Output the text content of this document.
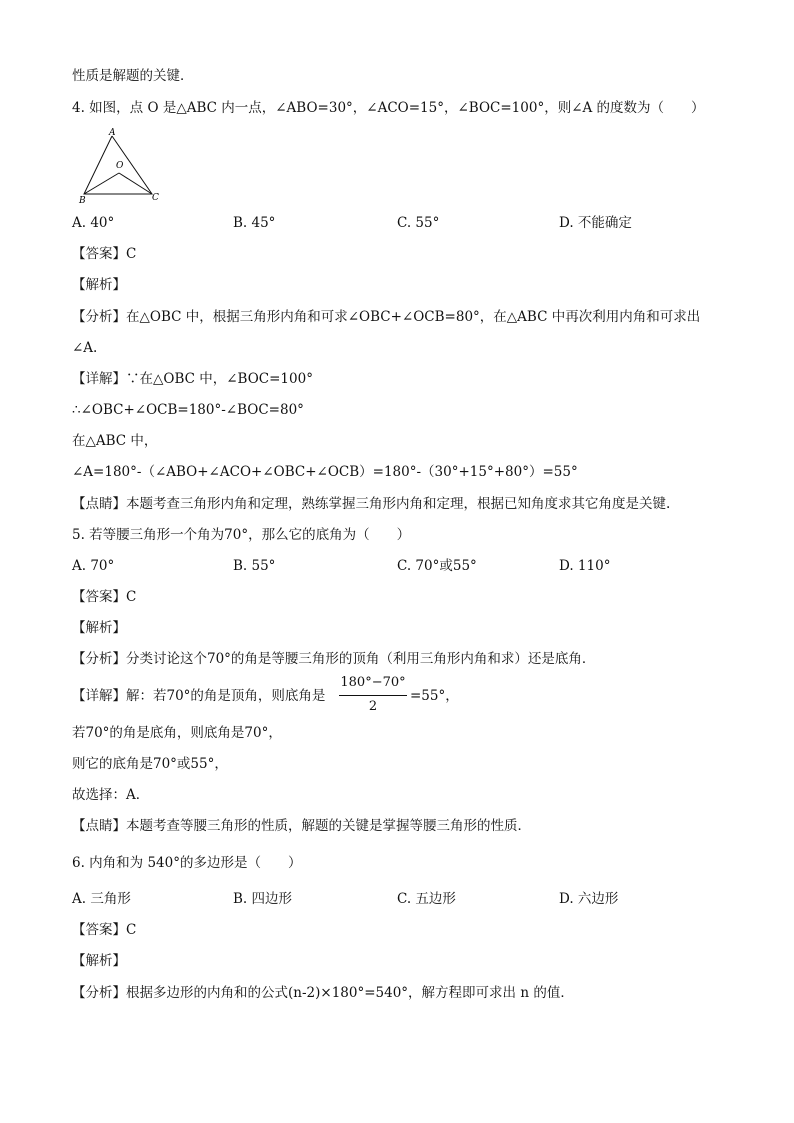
性质是解题的关键．
4. 如图，点 O 是△ABC 内一点，∠ABO=30°，∠ACO=15°，∠BOC=100°，则∠A 的度数为（　　）
A
O
B	C
A. 40°	B. 45°	C. 55°	D. 不能确定
【答案】C
【解析】
【分析】在△OBC 中，根据三角形内角和可求∠OBC+∠OCB=80°，在△ABC 中再次利用内角和可求出
∠A.
【详解】∵在△OBC 中，∠BOC=100°
∴∠OBC+∠OCB=180°-∠BOC=80°
在△ABC 中，
∠A=180°-（∠ABO+∠ACO+∠OBC+∠OCB）=180°-（30°+15°+80°）=55°
【点睛】本题考查三角形内角和定理，熟练掌握三角形内角和定理，根据已知角度求其它角度是关键.
5. 若等腰三角形一个角为70°，那么它的底角为（　　）
A. 70°	B. 55°	C. 70°或55°	D. 110°
【答案】C
【解析】
【分析】分类讨论这个70°的角是等腰三角形的顶角（利用三角形内角和求）还是底角．
【详解】解：若70°的角是顶角，则底角是
180°−70°
2
=55°，
若70°的角是底角，则底角是70°，
则它的底角是70°或55°，
故选择：A．
【点睛】本题考查等腰三角形的性质，解题的关键是掌握等腰三角形的性质．
6. 内角和为 540°的多边形是（　　）
A. 三角形	B. 四边形	C. 五边形	D. 六边形
【答案】C
【解析】
【分析】根据多边形的内角和的公式(n-2)×180°=540°，解方程即可求出 n 的值．
